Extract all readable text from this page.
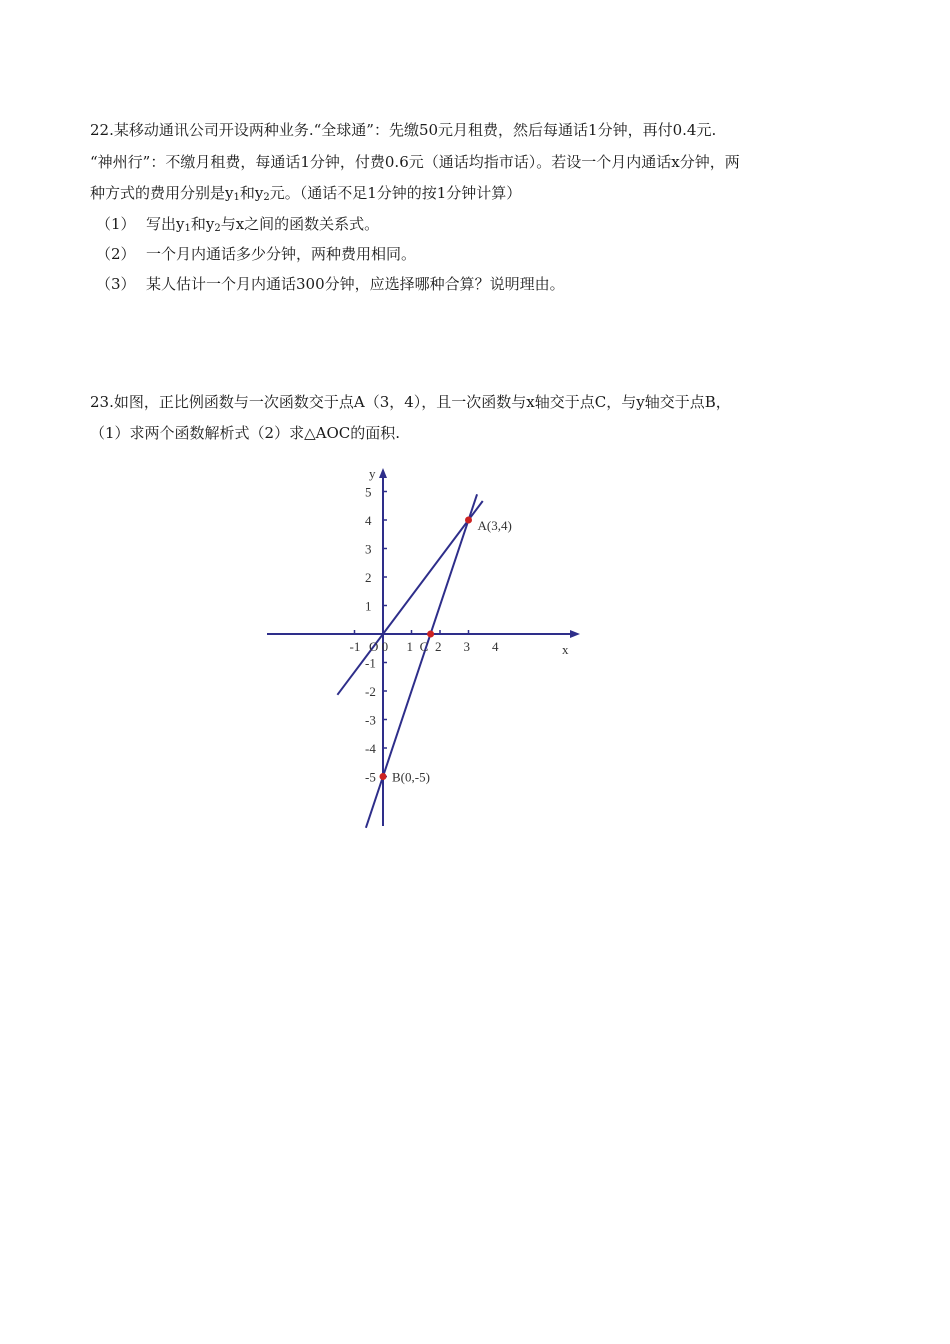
22.某移动通讯公司开设两种业务.“全球通”：先缴50元月租费，然后每通话1分钟，再付0.4元.
“神州行”：不缴月租费，每通话1分钟，付费0.6元（通话均指市话）。若设一个月内通话x分钟，两
种方式的费用分别是$y_1$和$y_2$元。（通话不足1分钟的按1分钟计算）
（1） 写出$y_1$和$y_2$与x之间的函数关系式。
（2） 一个月内通话多少分钟，两种费用相同。
（3） 某人估计一个月内通话300分钟，应选择哪种合算？说明理由。
23.如图，正比例函数与一次函数交于点A（3，4），且一次函数与x轴交于点C，与y轴交于点B，
（1）求两个函数解析式（2）求△AOC的面积.
x
y
-1 O 0 1 2 3 4
5
4
3
2
1
-1
-2
-3
-4
-5
C
A(3,4)
B(0,-5)
